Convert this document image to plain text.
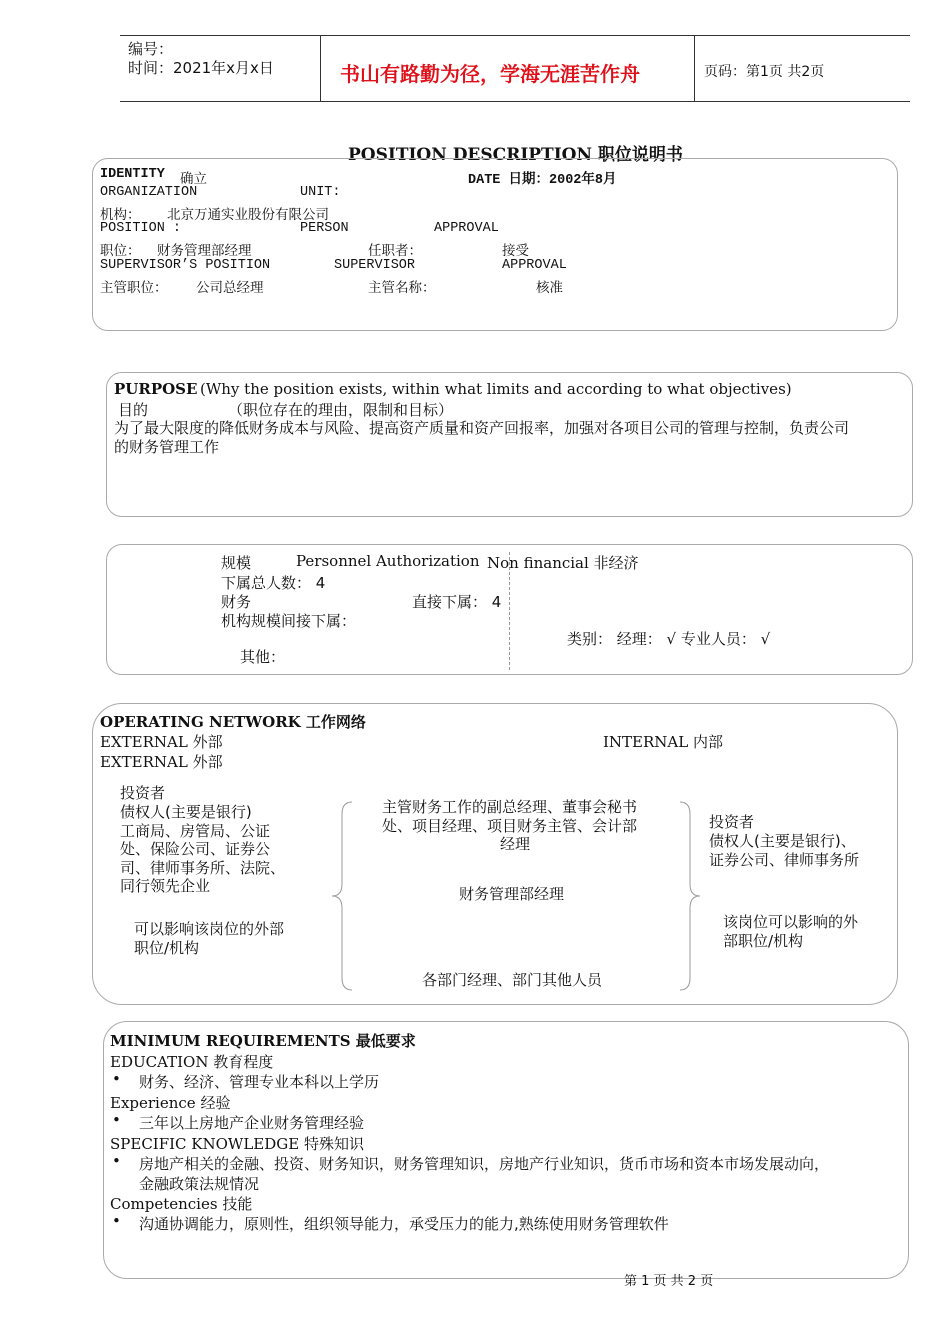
编号：
时间：2021年x月x日	书山有路勤为径，学海无涯苦作舟	页码：第1页 共2页
POSITION DESCRIPTION 职位说明书
IDENTITY 确立	DATE 日期：2002年8月
ORGANIZATION	UNIT:
机构： 北京万通实业股份有限公司
POSITION :	PERSON	APPROVAL
职位： 财务管理部经理	任职者：	接受
SUPERVISOR’S POSITION	SUPERVISOR	APPROVAL
主管职位： 公司总经理	主管名称：	核准
PURPOSE (Why the position exists, within what limits and according to what objectives)
目的	（职位存在的理由，限制和目标）
为了最大限度的降低财务成本与风险、提高资产质量和资产回报率，加强对各项目公司的管理与控制，负责公司
的财务管理工作
规模	Personnel Authorization Non financial 非经济
下属总人数： 4
财务	直接下属： 4
机构规模间接下属：
类别： 经理： √ 专业人员： √
其他：
OPERATING NETWORK 工作网络
EXTERNAL 外部	INTERNAL 内部
EXTERNAL 外部
投资者
债权人(主要是银行)
工商局、房管局、公证
处、保险公司、证券公
司、律师事务所、法院、
同行领先企业
可以影响该岗位的外部
职位/机构
主管财务工作的副总经理、董事会秘书
处、项目经理、项目财务主管、会计部
经理
财务管理部经理
各部门经理、部门其他人员
投资者
债权人(主要是银行)、
证券公司、律师事务所
该岗位可以影响的外
部职位/机构
MINIMUM REQUIREMENTS 最低要求
EDUCATION 教育程度
• 财务、经济、管理专业本科以上学历
Experience 经验
• 三年以上房地产企业财务管理经验
SPECIFIC KNOWLEDGE 特殊知识
• 房地产相关的金融、投资、财务知识，财务管理知识，房地产行业知识，货币市场和资本市场发展动向，
金融政策法规情况
Competencies 技能
• 沟通协调能力，原则性，组织领导能力，承受压力的能力,熟练使用财务管理软件
第 1 页 共 2 页
